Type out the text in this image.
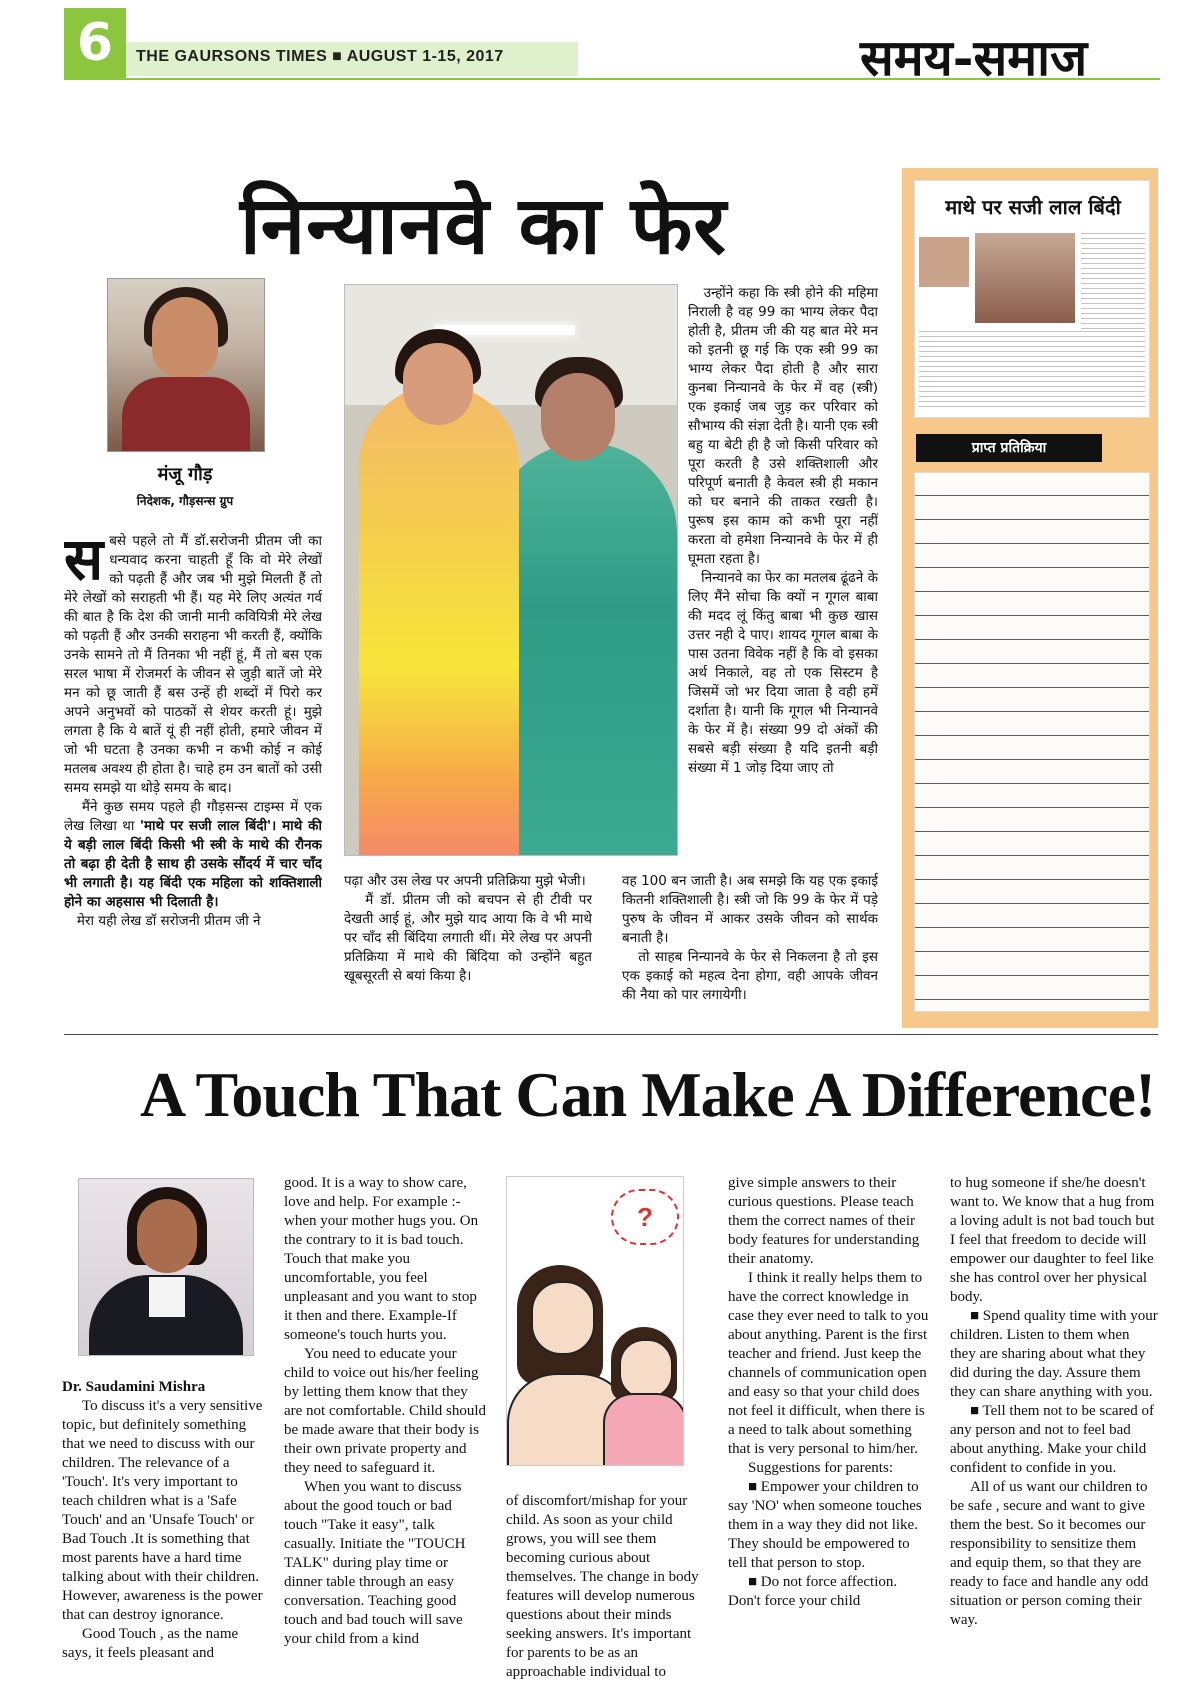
6	THE GAURSONS TIMES ■ AUGUST 1-15, 2017	समय-समाज
निन्यानवे का फेर
मंजू गौड़
निदेशक, गौड़सन्स ग्रुप

सबसे पहले तो मैं डॉ.सरोजनी प्रीतम जी का धन्यवाद करना चाहती हूँ कि वो मेरे लेखों को पढ़ती हैं और जब भी मुझे मिलती हैं तो मेरे लेखों को सराहती भी हैं। यह मेरे लिए अत्यंत गर्व की बात है कि देश की जानी मानी कवियित्री मेरे लेख को पढ़ती हैं और उनकी सराहना भी करती हैं, क्योंकि उनके सामने तो मैं तिनका भी नहीं हूं, मैं तो बस एक सरल भाषा में रोजमर्रा के जीवन से जुड़ी बातें जो मेरे मन को छू जाती हैं बस उन्हें ही शब्दों में पिरो कर अपने अनुभवों को पाठकों से शेयर करती हूं। मुझे लगता है कि ये बातें यूं ही नहीं होती, हमारे जीवन में जो भी घटता है उनका कभी न कभी कोई न कोई मतलब अवश्य ही होता है। चाहे हम उन बातों को उसी समय समझे या थोड़े समय के बाद।

मैंने कुछ समय पहले ही गौड़सन्स टाइम्स में एक लेख लिखा था 'माथे पर सजी लाल बिंदी'। माथे की ये बड़ी लाल बिंदी किसी भी स्त्री के माथे की रौनक तो बढ़ा ही देती है साथ ही उसके सौंदर्य में चार चाँद भी लगाती है। यह बिंदी एक महिला को शक्तिशाली होने का अहसास भी दिलाती है।

मेरा यही लेख डॉ सरोजनी प्रीतम जी ने

उन्होंने कहा कि स्त्री होने की महिमा निराली है वह 99 का भाग्य लेकर पैदा होती है, प्रीतम जी की यह बात मेरे मन को इतनी छू गई कि एक स्त्री 99 का भाग्य लेकर पैदा होती है और सारा कुनबा निन्यानवे के फेर में वह (स्त्री) एक इकाई जब जुड़ कर परिवार को सौभाग्य की संज्ञा देती है। यानी एक स्त्री बहु या बेटी ही है जो किसी परिवार को पूरा करती है उसे शक्तिशाली और परिपूर्ण बनाती है केवल स्त्री ही मकान को घर बनाने की ताकत रखती है। पुरूष इस काम को कभी पूरा नहीं करता वो हमेशा निन्यानवे के फेर में ही घूमता रहता है।

निन्यानवे का फेर का मतलब ढूंढने के लिए मैंने सोचा कि क्यों न गूगल बाबा की मदद लूं किंतु बाबा भी कुछ खास उत्तर नही दे पाए। शायद गूगल बाबा के पास उतना विवेक नहीं है कि वो इसका अर्थ निकाले, वह तो एक सिस्टम है जिसमें जो भर दिया जाता है वही हमें दर्शाता है। यानी कि गूगल भी निन्यानवे के फेर में है। संख्या 99 दो अंकों की सबसे बड़ी संख्या है यदि इतनी बड़ी संख्या में 1 जोड़ दिया जाए तो

पढ़ा और उस लेख पर अपनी प्रतिक्रिया मुझे भेजी।

मैं डॉ. प्रीतम जी को बचपन से ही टीवी पर देखती आई हूं, और मुझे याद आया कि वे भी माथे पर चाँद सी बिंदिया लगाती थीं। मेरे लेख पर अपनी प्रतिक्रिया में माथे की बिंदिया को उन्होंने बहुत खूबसूरती से बयां किया है।

वह 100 बन जाती है। अब समझे कि यह एक इकाई कितनी शक्तिशाली है। स्त्री जो कि 99 के फेर में पड़े पुरुष के जीवन में आकर उसके जीवन को सार्थक बनाती है।

तो साहब निन्यानवे के फेर से निकलना है तो इस एक इकाई को महत्व देना होगा, वही आपके जीवन की नैया को पार लगायेगी।

माथे पर सजी लाल बिंदी
प्राप्त प्रतिक्रिया
A Touch That Can Make A Difference!

Dr. Saudamini Mishra

To discuss it's a very sensitive topic, but definitely something that we need to discuss with our children. The relevance of a 'Touch'. It's very important to teach children what is a 'Safe Touch' and an 'Unsafe Touch' or Bad Touch .It is something that most parents have a hard time talking about with their children. However, awareness is the power that can destroy ignorance.

Good Touch , as the name says, it feels pleasant and

good. It is a way to show care, love and help. For example :- when your mother hugs you. On the contrary to it is bad touch. Touch that make you uncomfortable, you feel unpleasant and you want to stop it then and there. Example-If someone's touch hurts you.

You need to educate your child to voice out his/her feeling by letting them know that they are not comfortable. Child should be made aware that their body is their own private property and they need to safeguard it.

When you want to discuss about the good touch or bad touch "Take it easy", talk casually. Initiate the "TOUCH TALK" during play time or dinner table through an easy conversation. Teaching good touch and bad touch will save your child from a kind

?

of discomfort/mishap for your child. As soon as your child grows, you will see them becoming curious about themselves. The change in body features will develop numerous questions about their minds seeking answers. It's important for parents to be as an approachable individual to

give simple answers to their curious questions. Please teach them the correct names of their body features for understanding their anatomy.

I think it really helps them to have the correct knowledge in case they ever need to talk to you about anything. Parent is the first teacher and friend. Just keep the channels of communication open and easy so that your child does not feel it difficult, when there is a need to talk about something that is very personal to him/her.

Suggestions for parents:

■ Empower your children to say 'NO' when someone touches them in a way they did not like. They should be empowered to tell that person to stop.

■ Do not force affection. Don't force your child

to hug someone if she/he doesn't want to. We know that a hug from a loving adult is not bad touch but I feel that freedom to decide will empower our daughter to feel like she has control over her physical body.

■ Spend quality time with your children. Listen to them when they are sharing about what they did during the day. Assure them they can share anything with you.

■ Tell them not to be scared of any person and not to feel bad about anything. Make your child confident to confide in you.

All of us want our children to be safe , secure and want to give them the best. So it becomes our responsibility to sensitize them and equip them, so that they are ready to face and handle any odd situation or person coming their way.
